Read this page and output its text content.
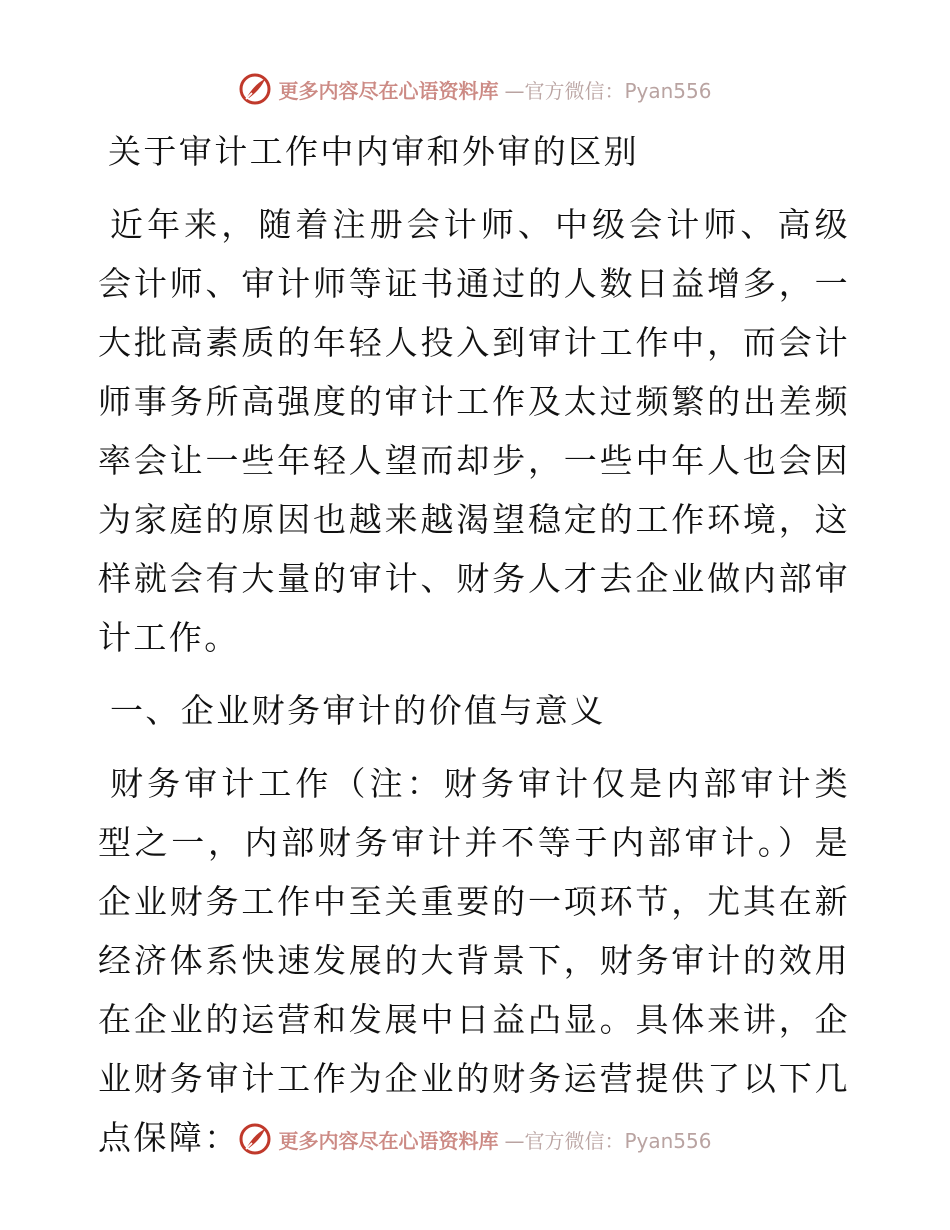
更多内容尽在心语资料库 —官方微信：Pyan556

关于审计工作中内审和外审的区别

近年来，随着注册会计师、中级会计师、高级会计师、审计师等证书通过的人数日益增多，一大批高素质的年轻人投入到审计工作中，而会计师事务所高强度的审计工作及太过频繁的出差频率会让一些年轻人望而却步，一些中年人也会因为家庭的原因也越来越渴望稳定的工作环境，这样就会有大量的审计、财务人才去企业做内部审计工作。

一、企业财务审计的价值与意义

财务审计工作（注：财务审计仅是内部审计类型之一，内部财务审计并不等于内部审计。）是企业财务工作中至关重要的一项环节，尤其在新经济体系快速发展的大背景下，财务审计的效用在企业的运营和发展中日益凸显。具体来讲，企业财务审计工作为企业的财务运营提供了以下几点保障：	更多内容尽在心语资料库 —官方微信：Pyan556
